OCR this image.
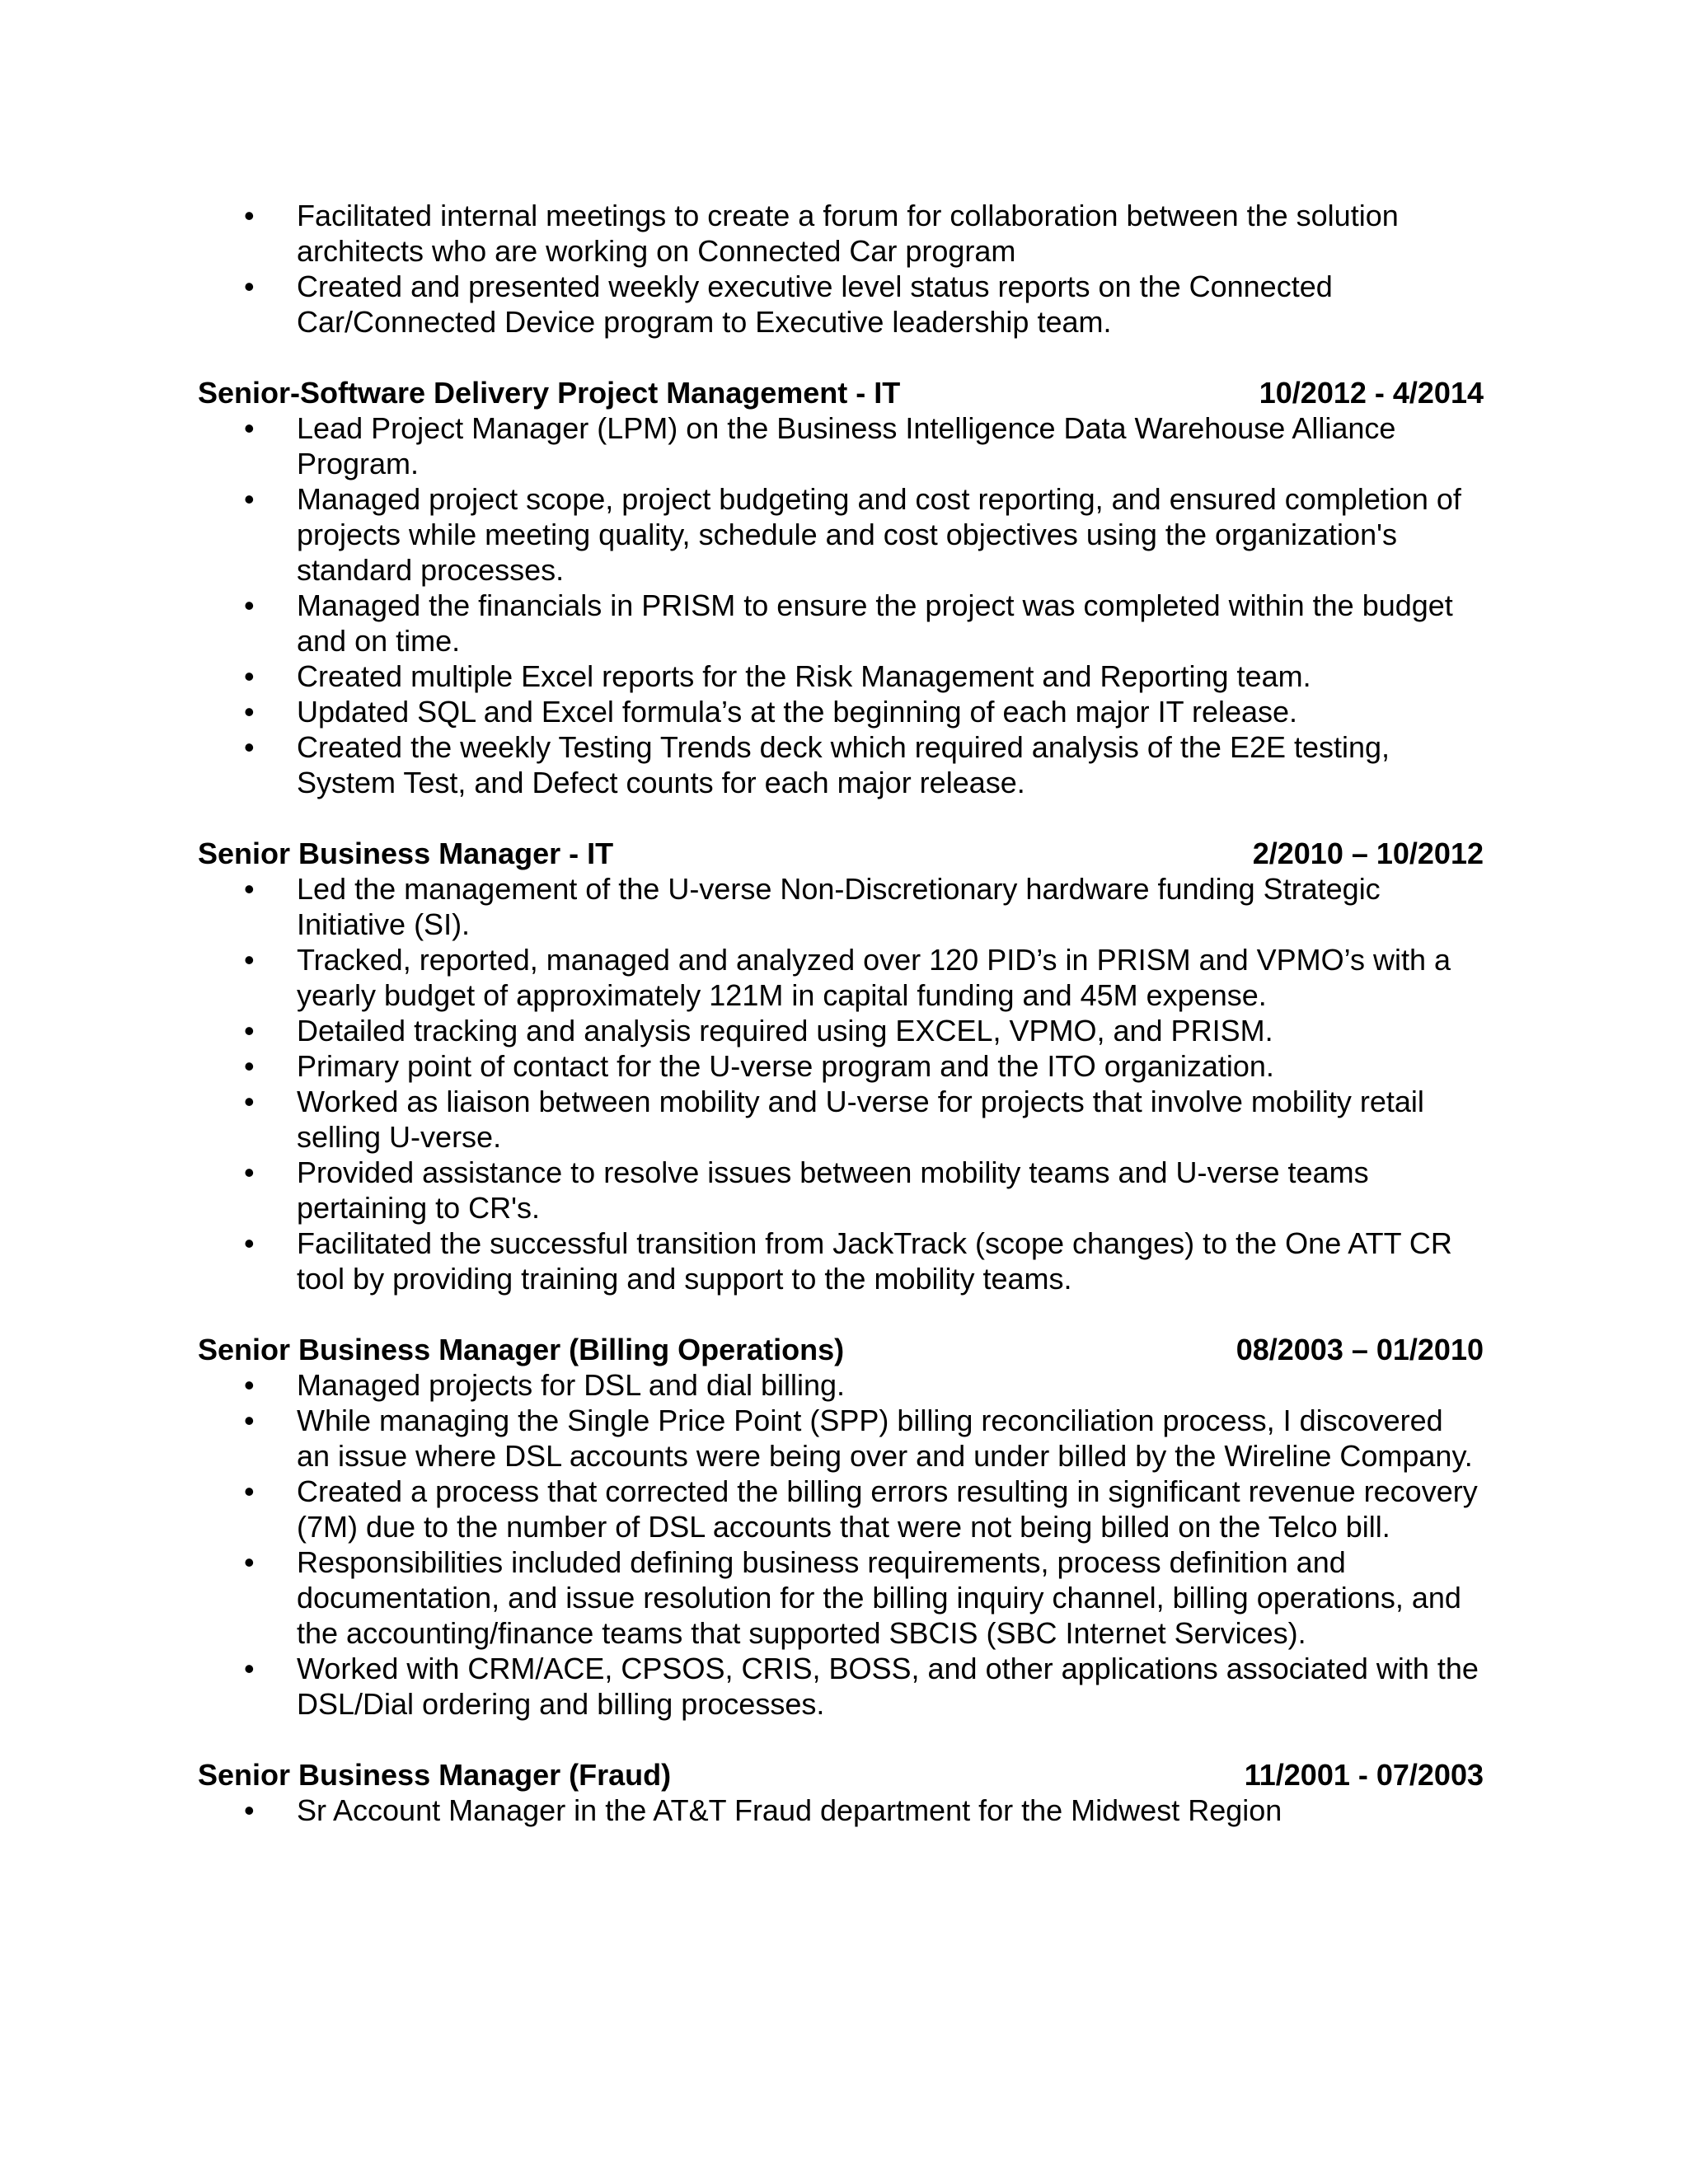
• Facilitated internal meetings to create a forum for collaboration between the solution architects who are working on Connected Car program
• Created and presented weekly executive level status reports on the Connected Car/Connected Device program to Executive leadership team.
Senior-Software Delivery Project Management - IT	10/2012 - 4/2014
• Lead Project Manager (LPM) on the Business Intelligence Data Warehouse Alliance Program.
• Managed project scope, project budgeting and cost reporting, and ensured completion of projects while meeting quality, schedule and cost objectives using the organization's standard processes.
• Managed the financials in PRISM to ensure the project was completed within the budget and on time.
• Created multiple Excel reports for the Risk Management and Reporting team.
• Updated SQL and Excel formula’s at the beginning of each major IT release.
• Created the weekly Testing Trends deck which required analysis of the E2E testing, System Test, and Defect counts for each major release.
Senior Business Manager - IT	2/2010 – 10/2012
• Led the management of the U-verse Non-Discretionary hardware funding Strategic Initiative (SI).
• Tracked, reported, managed and analyzed over 120 PID’s in PRISM and VPMO’s with a yearly budget of approximately 121M in capital funding and 45M expense.
• Detailed tracking and analysis required using EXCEL, VPMO, and PRISM.
• Primary point of contact for the U-verse program and the ITO organization.
• Worked as liaison between mobility and U-verse for projects that involve mobility retail selling U-verse.
• Provided assistance to resolve issues between mobility teams and U-verse teams pertaining to CR's.
• Facilitated the successful transition from JackTrack (scope changes) to the One ATT CR tool by providing training and support to the mobility teams.
Senior Business Manager (Billing Operations)	08/2003 – 01/2010
• Managed projects for DSL and dial billing.
• While managing the Single Price Point (SPP) billing reconciliation process, I discovered an issue where DSL accounts were being over and under billed by the Wireline Company.
• Created a process that corrected the billing errors resulting in significant revenue recovery (7M) due to the number of DSL accounts that were not being billed on the Telco bill.
• Responsibilities included defining business requirements, process definition and documentation, and issue resolution for the billing inquiry channel, billing operations, and the accounting/finance teams that supported SBCIS (SBC Internet Services).
• Worked with CRM/ACE, CPSOS, CRIS, BOSS, and other applications associated with the DSL/Dial ordering and billing processes.
Senior Business Manager (Fraud)	11/2001 - 07/2003
• Sr Account Manager in the AT&T Fraud department for the Midwest Region
